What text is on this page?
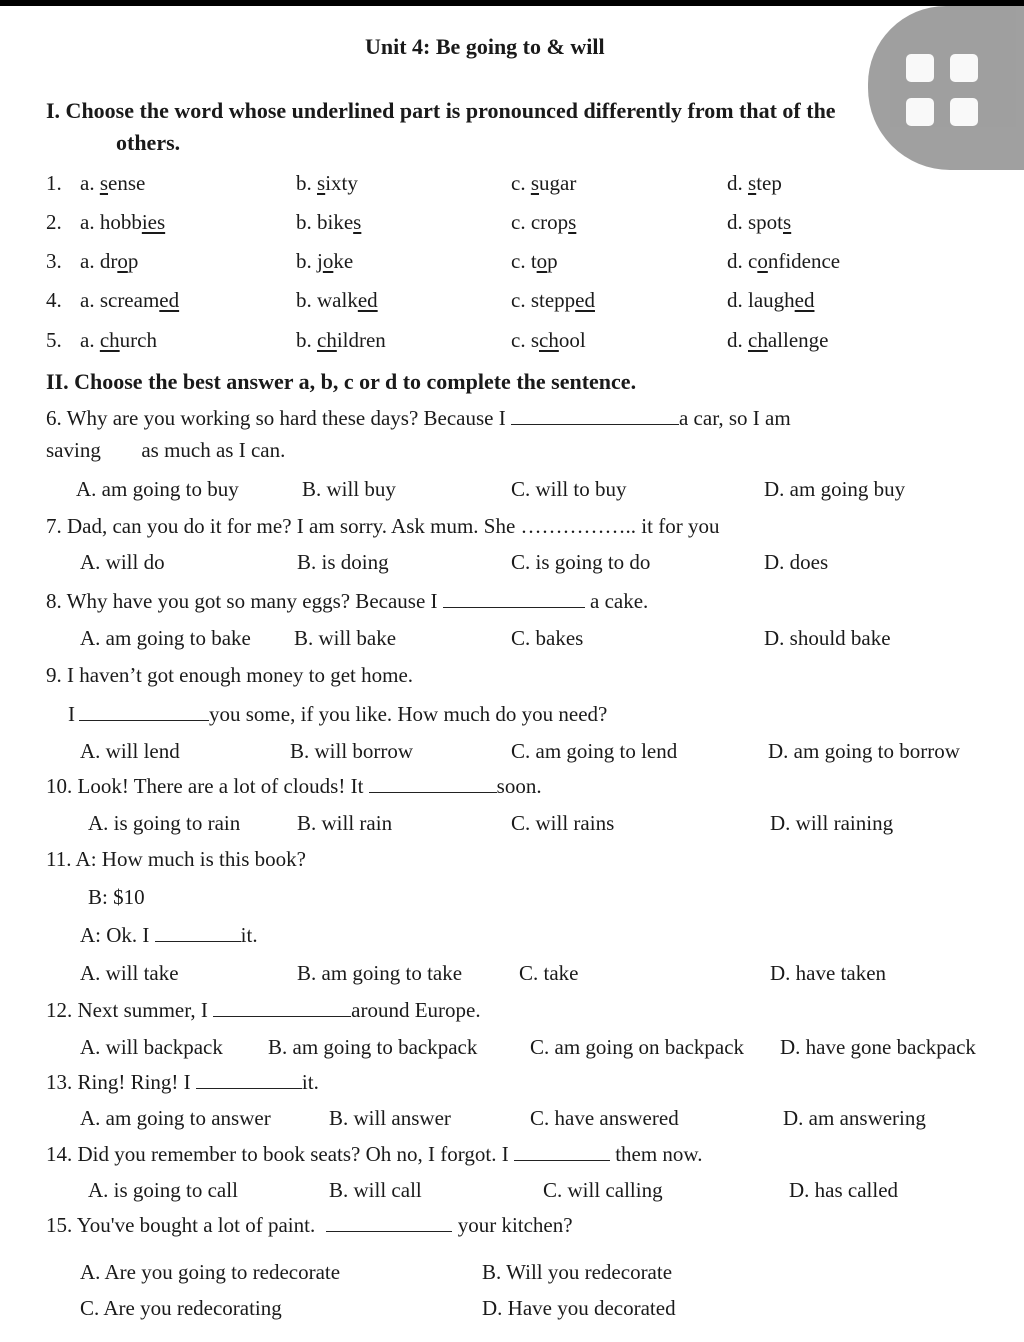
Unit 4: Be going to & will
I. Choose the word whose underlined part is pronounced differently from that of the
others.
1. a. sense	b. sixty	c. sugar	d. step
2. a. hobbies	b. bikes	c. crops	d. spots
3. a. drop	b. joke	c. top	d. confidence
4. a. screamed	b. walked	c. stepped	d. laughed
5. a. church	b. children	c. school	d. challenge
II. Choose the best answer a, b, c or d to complete the sentence.
6. Why are you working so hard these days? Because I	a car, so I am
saving as much as I can.
A. am going to buy	B. will buy	C. will to buy	D. am going buy
7. Dad, can you do it for me? I am sorry. Ask mum. She …………….. it for you
A. will do	B. is doing	C. is going to do	D. does
8. Why have you got so many eggs? Because I	a cake.
A. am going to bake B. will bake	C. bakes	D. should bake
9. I haven’t got enough money to get home.
I	you some, if you like. How much do you need?
A. will lend	B. will borrow	C. am going to lend	D. am going to borrow
10. Look! There are a lot of clouds! It	soon.
A. is going to rain	B. will rain	C. will rains	D. will raining
11. A: How much is this book?
B: $10
A: Ok. I	it.
A. will take	B. am going to take	C. take	D. have taken
12. Next summer, I	around Europe.
A. will backpack B. am going to backpack	C. am going on backpack D. have gone backpack
13. Ring! Ring! I	it.
A. am going to answer	B. will answer	C. have answered	D. am answering
14. Did you remember to book seats? Oh no, I forgot. I	them now.
A. is going to call	B. will call	C. will calling	D. has called
15. You've bought a lot of paint.	your kitchen?
A. Are you going to redecorate	B. Will you redecorate
C. Are you redecorating	D. Have you decorated
